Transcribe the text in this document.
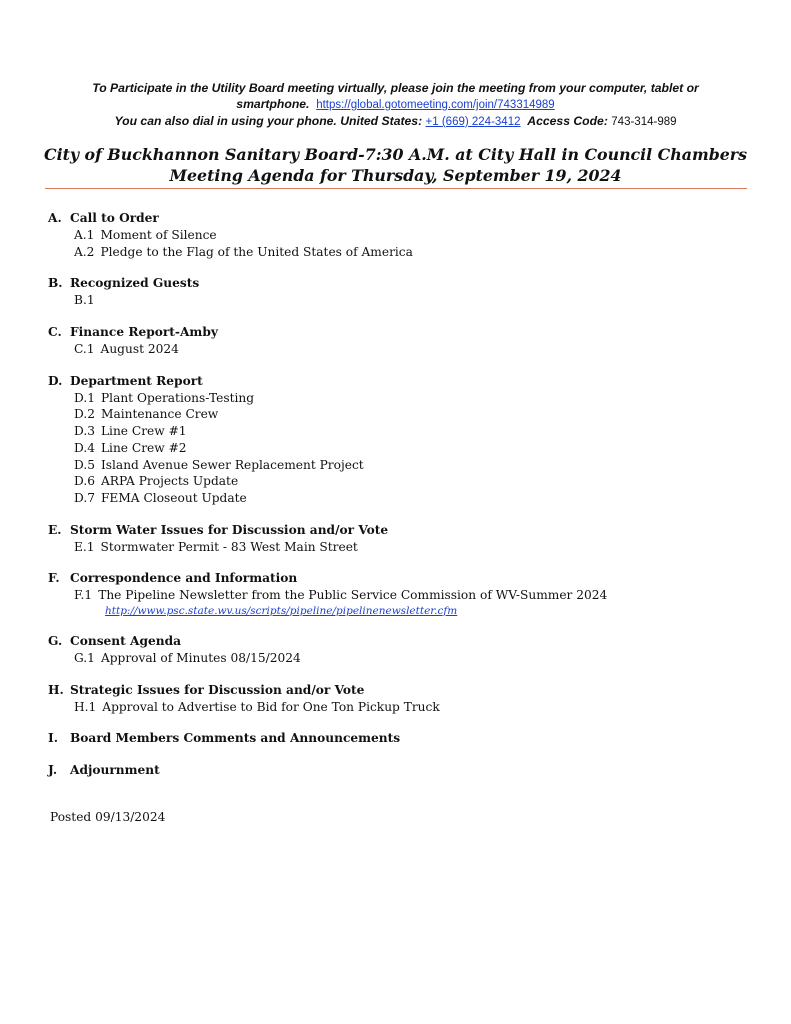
To Participate in the Utility Board meeting virtually, please join the meeting from your computer, tablet or
smartphone. https://global.gotomeeting.com/join/743314989
You can also dial in using your phone. United States: +1 (669) 224-3412 Access Code: 743-314-989
City of Buckhannon Sanitary Board-7:30 A.M. at City Hall in Council Chambers
Meeting Agenda for Thursday, September 19, 2024
A. Call to Order
A.1 Moment of Silence
A.2 Pledge to the Flag of the United States of America
B. Recognized Guests
B.1
C. Finance Report-Amby
C.1 August 2024
D. Department Report
D.1 Plant Operations-Testing
D.2 Maintenance Crew
D.3 Line Crew #1
D.4 Line Crew #2
D.5 Island Avenue Sewer Replacement Project
D.6 ARPA Projects Update
D.7 FEMA Closeout Update
E. Storm Water Issues for Discussion and/or Vote
E.1 Stormwater Permit - 83 West Main Street
F. Correspondence and Information
F.1 The Pipeline Newsletter from the Public Service Commission of WV-Summer 2024
http://www.psc.state.wv.us/scripts/pipeline/pipelinenewsletter.cfm
G. Consent Agenda
G.1 Approval of Minutes 08/15/2024
H. Strategic Issues for Discussion and/or Vote
H.1 Approval to Advertise to Bid for One Ton Pickup Truck
I. Board Members Comments and Announcements
J. Adjournment
Posted 09/13/2024
